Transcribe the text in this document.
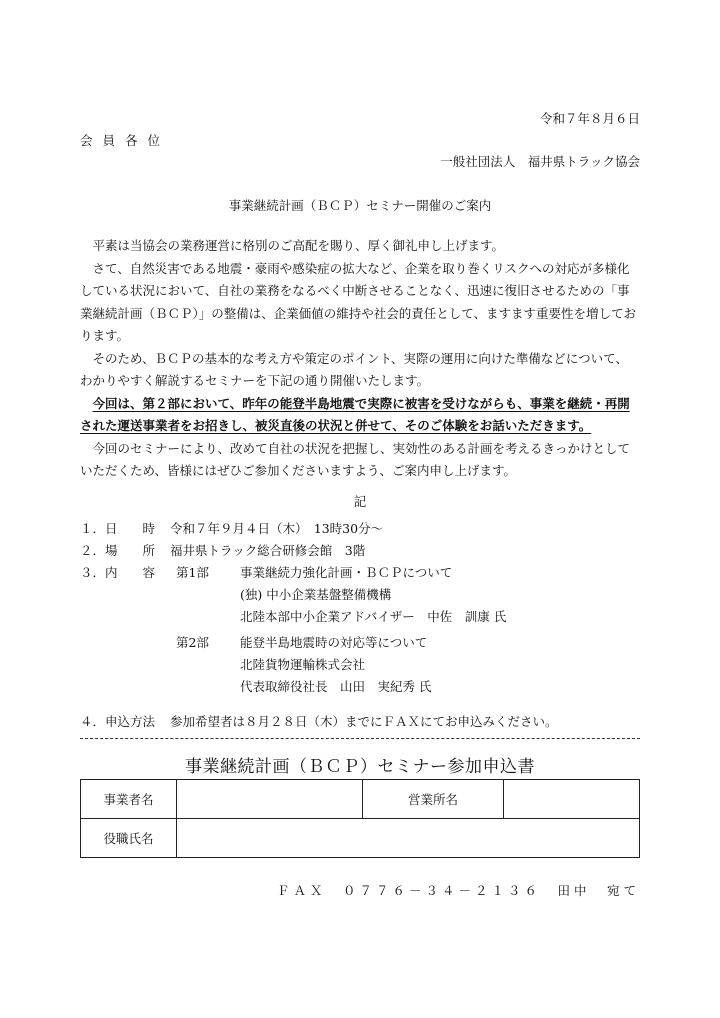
令和７年８月６日
会員各位
一般社団法人　福井県トラック協会
事業継続計画（ＢＣＰ）セミナー開催のご案内

平素は当協会の業務運営に格別のご高配を賜り、厚く御礼申し上げます。

さて、自然災害である地震・豪雨や感染症の拡大など、企業を取り巻くリスクへの対応が多様化している状況において、自社の業務をなるべく中断させることなく、迅速に復旧させるための「事業継続計画（ＢＣＰ）」の整備は、企業価値の維持や社会的責任として、ますます重要性を増しております。

そのため、ＢＣＰの基本的な考え方や策定のポイント、実際の運用に向けた準備などについて、わかりやすく解説するセミナーを下記の通り開催いたします。

今回は、第２部において、昨年の能登半島地震で実際に被害を受けながらも、事業を継続・再開された運送事業者をお招きし、被災直後の状況と併せて、そのご体験をお話いただきます。

今回のセミナーにより、改めて自社の状況を把握し、実効性のある計画を考えるきっかけとしていただくため、皆様にはぜひご参加くださいますよう、ご案内申し上げます。

記
１．日　　時 令和７年９月４日（木）　13時30分～
２．場　　所 福井県トラック総合研修会館　3階
３．内　　容 第1部 事業継続力強化計画・ＢＣＰについて
(独) 中小企業基盤整備機構
北陸本部中小企業アドバイザー　中佐　訓康 氏
第2部 能登半島地震時の対応等について
北陸貨物運輸株式会社
代表取締役社長　山田　実紀秀 氏
４．申込方法 参加希望者は８月２８日（木）までにＦＡＸにてお申込みください。
事業継続計画（ＢＣＰ）セミナー参加申込書
事業者名		営業所名	
役職氏名			
ＦＡＸ　０７７６－３４－２１３６　田中　宛て
